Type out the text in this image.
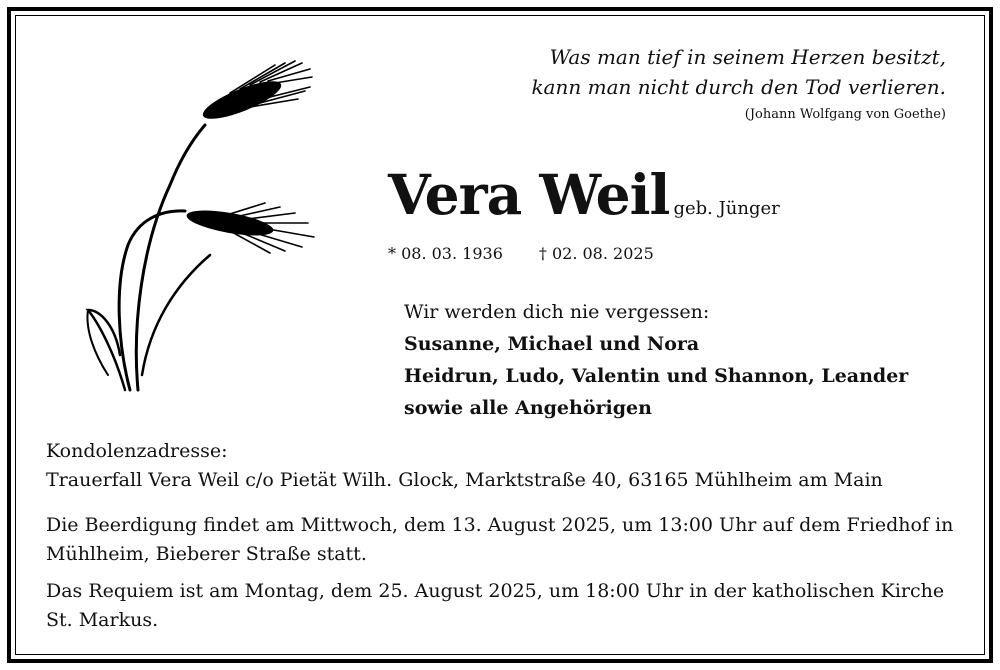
Was man tief in seinem Herzen besitzt,
kann man nicht durch den Tod verlieren.
(Johann Wolfgang von Goethe)
Vera Weil geb. Jünger
* 08. 03. 1936 † 02. 08. 2025
Wir werden dich nie vergessen:
Susanne, Michael und Nora
Heidrun, Ludo, Valentin und Shannon, Leander
sowie alle Angehörigen
Kondolenzadresse:
Trauerfall Vera Weil c/o Pietät Wilh. Glock, Marktstraße 40, 63165 Mühlheim am Main
Die Beerdigung findet am Mittwoch, dem 13. August 2025, um 13:00 Uhr auf dem Friedhof in Mühlheim, Bieberer Straße statt.
Das Requiem ist am Montag, dem 25. August 2025, um 18:00 Uhr in der katholischen Kirche St. Markus.
